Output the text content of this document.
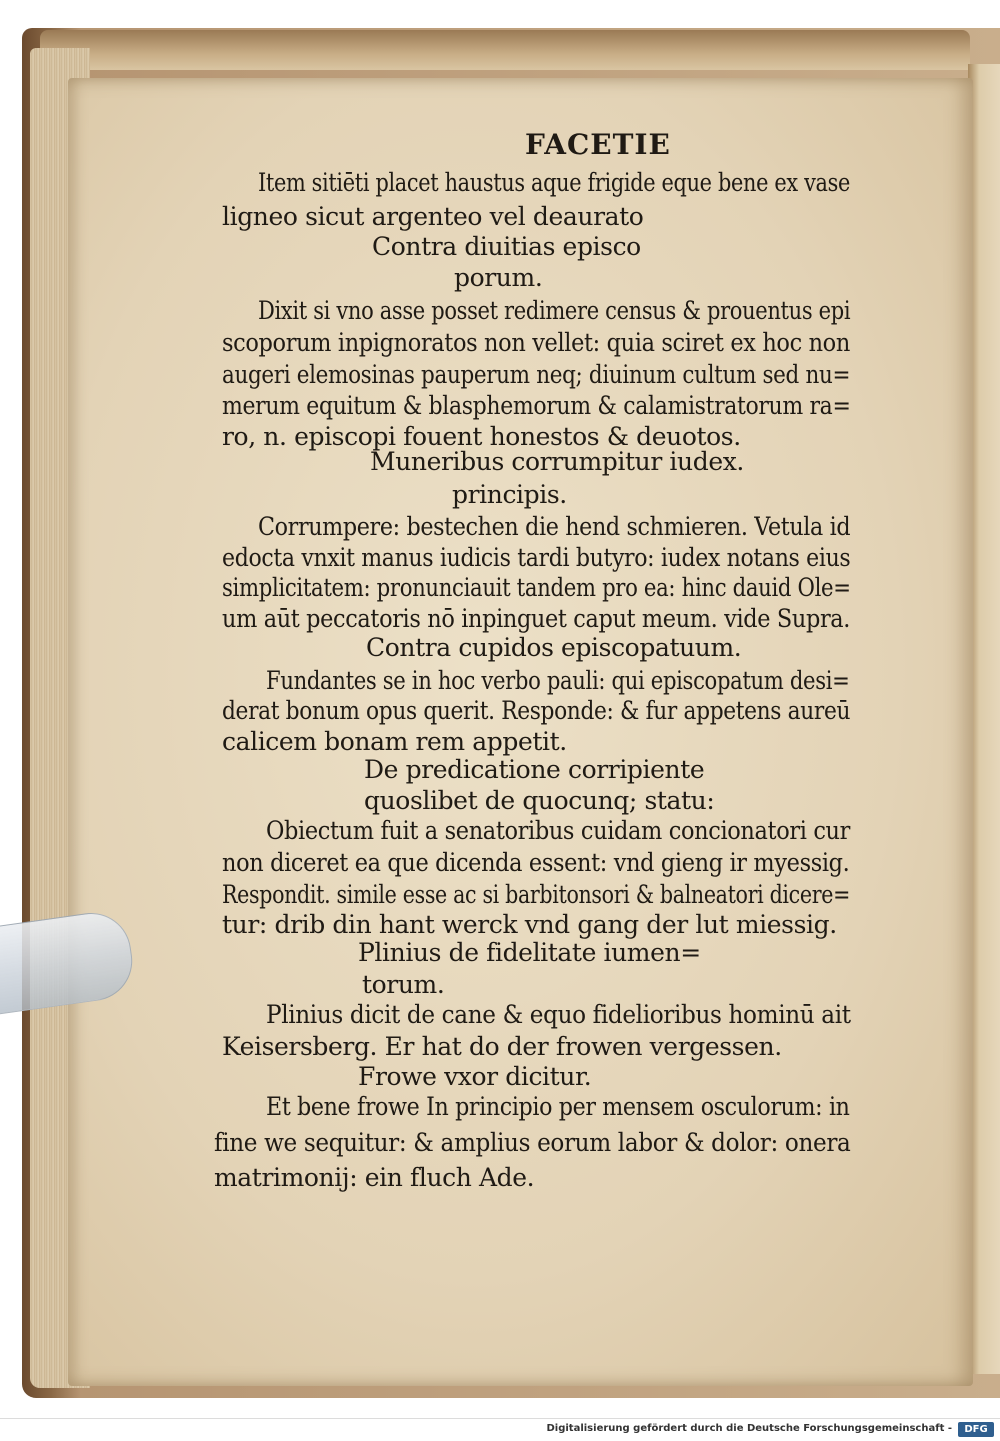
FACETIE
Item sitiēti placet haustus aque frigide eque bene ex vase
ligneo sicut argenteo vel deaurato
Contra diuitias episco
porum.
Dixit si vno asse posset redimere census & prouentus epi
scoporum inpignoratos non vellet: quia sciret ex hoc non
augeri elemosinas pauperum neq; diuinum cultum sed nu=
merum equitum & blasphemorum & calamistratorum ra=
ro, n. episcopi fouent honestos & deuotos.
Muneribus corrumpitur iudex.
principis.
Corrumpere: bestechen die hend schmieren. Vetula id
edocta vnxit manus iudicis tardi butyro: iudex notans eius
simplicitatem: pronunciauit tandem pro ea: hinc dauid Ole=
um aūt peccatoris nō inpinguet caput meum. vide Supra.
Contra cupidos episcopatuum.
Fundantes se in hoc verbo pauli: qui episcopatum desi=
derat bonum opus querit. Responde: & fur appetens aureū
calicem bonam rem appetit.
De predicatione corripiente
quoslibet de quocunq; statu:
Obiectum fuit a senatoribus cuidam concionatori cur
non diceret ea que dicenda essent: vnd gieng ir myessig.
Respondit. simile esse ac si barbitonsori & balneatori dicere=
tur: drib din hant werck vnd gang der lut miessig.
Plinius de fidelitate iumen=
torum.
Plinius dicit de cane & equo fidelioribus hominū ait
Keisersberg. Er hat do der frowen vergessen.
Frowe vxor dicitur.
Et bene frowe In principio per mensem osculorum: in
fine we sequitur: & amplius eorum labor & dolor: onera
matrimonij: ein fluch Ade.
Digitalisierung gefördert durch die Deutsche Forschungsgemeinschaft -	DFG
